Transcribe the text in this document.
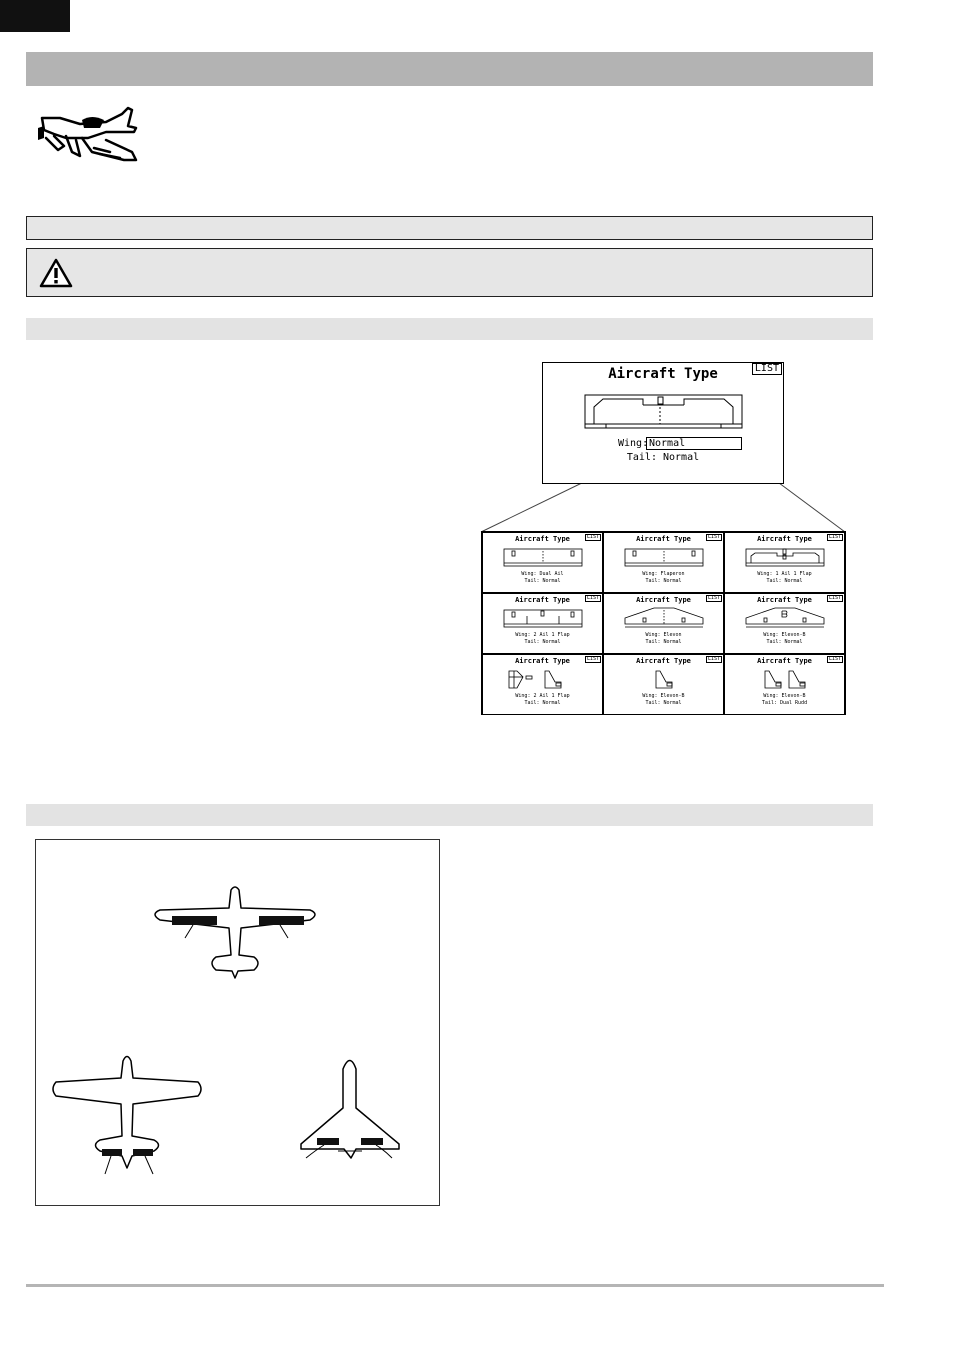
Aircraft Type	LIST
Wing: Normal
Tail: Normal
Aircraft Type	LIST
Wing: Dual Ail
Tail: Normal
Aircraft Type	LIST
Wing: Flaperon
Tail: Normal
Aircraft Type	LIST
Wing: 1 Ail 1 Flap
Tail: Normal
Aircraft Type	LIST
Wing: 2 Ail 1 Flap
Tail: Normal
Aircraft Type	LIST
Wing: Elevon
Tail: Normal
Aircraft Type	LIST
Wing: Elevon-B
Tail: Normal
Aircraft Type	LIST
Wing: 2 Ail 1 Flap
Tail: Normal
Aircraft Type	LIST
Wing: Elevon-B
Tail: Normal
Aircraft Type	LIST
Wing: Elevon-B
Tail: Dual Rudd
